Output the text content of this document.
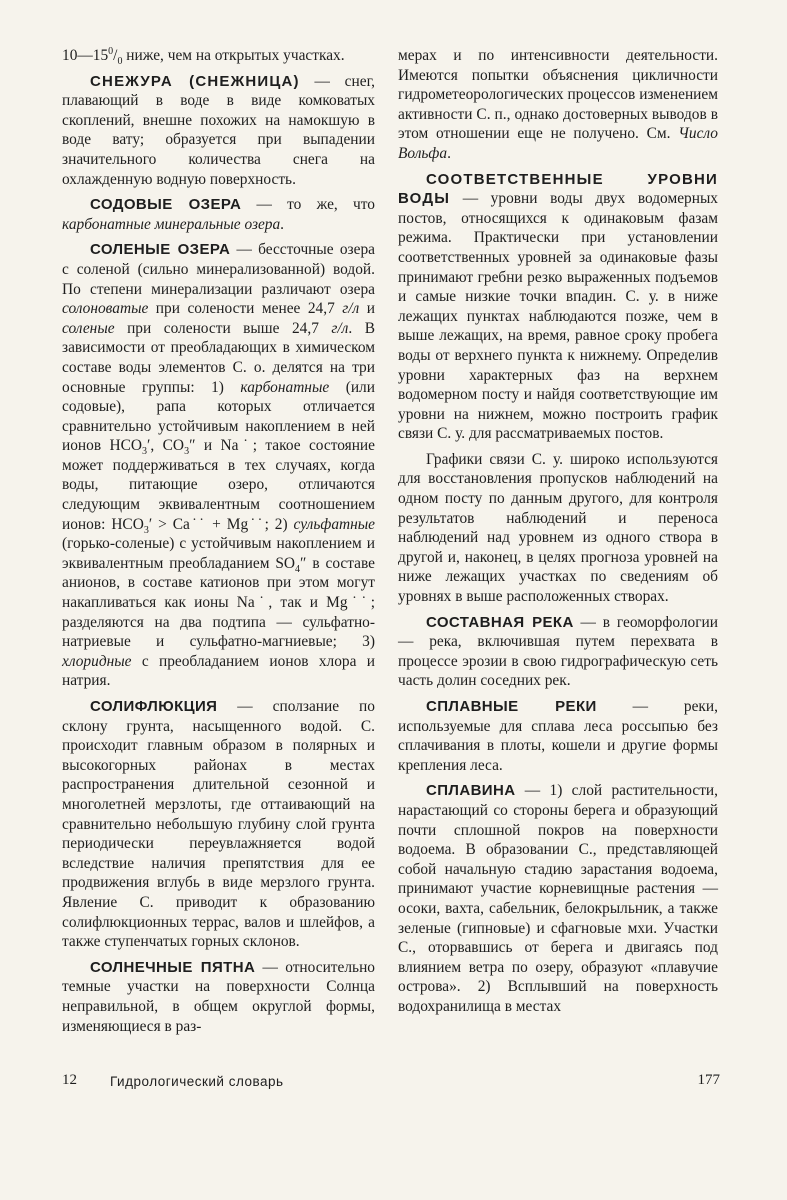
$10—15^0/_0$ ниже, чем на открытых участках.

СНЕЖУРА (СНЕЖНИЦА) — снег, плавающий в воде в виде комковатых скоплений, внешне похожих на намокшую в воде вату; образуется при выпадении значительного количества снега на охлажденную водную поверхность.

СОДОВЫЕ ОЗЕРА — то же, что карбонатные минеральные озера.

СОЛЕНЫЕ ОЗЕРА — бессточные озера с соленой (сильно минерализованной) водой. По степени минерализации различают озера солоноватые при солености менее 24,7 г/л и соленые при солености выше 24,7 г/л. В зависимости от преобладающих в химическом составе воды элементов С. о. делятся на три основные группы: 1) карбонатные (или содовые), рапа которых отличается сравнительно устойчивым накоплением в ней ионов $HCO_3'$, $CO_3''$ и Na˙; такое состояние может поддерживаться в тех случаях, когда воды, питающие озеро, отличаются следующим эквивалентным соотношением ионов: $HCO_3'$ > Ca˙˙ + Mg˙˙; 2) сульфатные (горько-соленые) с устойчивым накоплением и эквивалентным преобладанием $SO_4''$ в составе анионов, в составе катионов при этом могут накапливаться как ионы Na˙, так и Mg˙˙; разделяются на два подтипа — сульфатно-натриевые и сульфатно-магниевые; 3) хлоридные с преобладанием ионов хлора и натрия.

СОЛИФЛЮКЦИЯ — сползание по склону грунта, насыщенного водой. С. происходит главным образом в полярных и высокогорных районах в местах распространения длительной сезонной и многолетней мерзлоты, где оттаивающий на сравнительно небольшую глубину слой грунта периодически переувлажняется водой вследствие наличия препятствия для ее продвижения вглубь в виде мерзлого грунта. Явление С. приводит к образованию солифлюкционных террас, валов и шлейфов, а также ступенчатых горных склонов.

СОЛНЕЧНЫЕ ПЯТНА — относительно темные участки на поверхности Солнца неправильной, в общем округлой формы, изменяющиеся в раз-

мерах и по интенсивности деятельности. Имеются попытки объяснения цикличности гидрометеорологических процессов изменением активности С. п., однако достоверных выводов в этом отношении еще не получено. См. Число Вольфа.

СООТВЕТСТВЕННЫЕ УРОВНИ ВОДЫ — уровни воды двух водомерных постов, относящихся к одинаковым фазам режима. Практически при установлении соответственных уровней за одинаковые фазы принимают гребни резко выраженных подъемов и самые низкие точки впадин. С. у. в ниже лежащих пунктах наблюдаются позже, чем в выше лежащих, на время, равное сроку пробега воды от верхнего пункта к нижнему. Определив уровни характерных фаз на верхнем водомерном посту и найдя соответствующие им уровни на нижнем, можно построить график связи С. у. для рассматриваемых постов.

Графики связи С. у. широко используются для восстановления пропусков наблюдений на одном посту по данным другого, для контроля результатов наблюдений и переноса наблюдений над уровнем из одного створа в другой и, наконец, в целях прогноза уровней на ниже лежащих участках по сведениям об уровнях в выше расположенных створах.

СОСТАВНАЯ РЕКА — в геоморфологии — река, включившая путем перехвата в процессе эрозии в свою гидрографическую сеть часть долин соседних рек.

СПЛАВНЫЕ РЕКИ — реки, используемые для сплава леса россыпью без сплачивания в плоты, кошели и другие формы крепления леса.

СПЛАВИНА — 1) слой растительности, нарастающий со стороны берега и образующий почти сплошной покров на поверхности водоема. В образовании С., представляющей собой начальную стадию зарастания водоема, принимают участие корневищные растения — осоки, вахта, сабельник, белокрыльник, а также зеленые (гипновые) и сфагновые мхи. Участки С., оторвавшись от берега и двигаясь под влиянием ветра по озеру, образуют «плавучие острова». 2) Всплывший на поверхность водохранилища в местах

12 Гидрологический словарь	177
